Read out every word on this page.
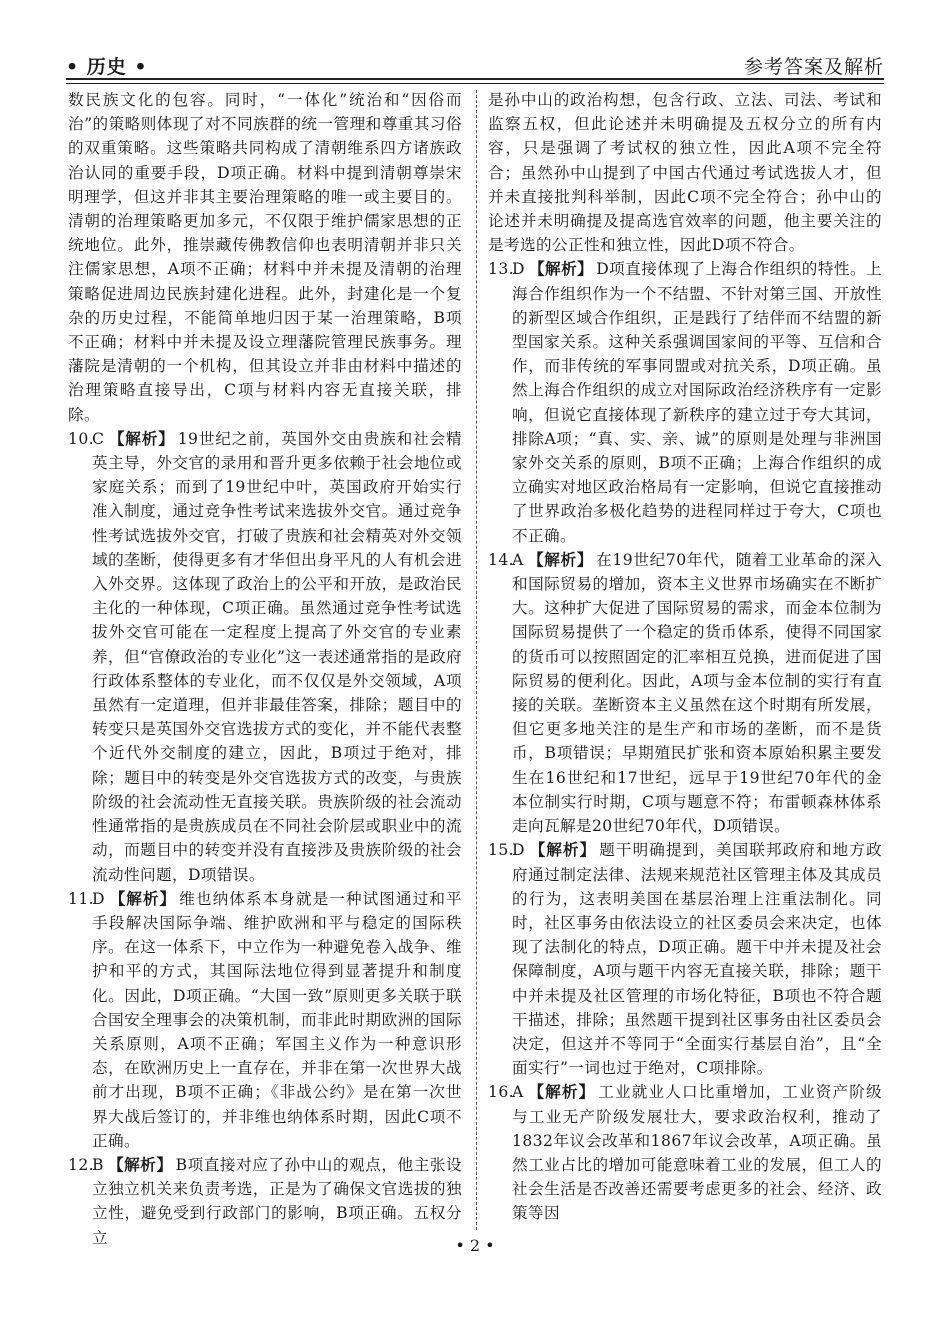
• 历史 •	参考答案及解析

数民族文化的包容。同时，“一体化”统治和“因俗而治”的策略则体现了对不同族群的统一管理和尊重其习俗的双重策略。这些策略共同构成了清朝维系四方诸族政治认同的重要手段，D项正确。材料中提到清朝尊崇宋明理学，但这并非其主要治理策略的唯一或主要目的。清朝的治理策略更加多元，不仅限于维护儒家思想的正统地位。此外，推崇藏传佛教信仰也表明清朝并非只关注儒家思想，A项不正确；材料中并未提及清朝的治理策略促进周边民族封建化进程。此外，封建化是一个复杂的历史过程，不能简单地归因于某一治理策略，B项不正确；材料中并未提及设立理藩院管理民族事务。理藩院是清朝的一个机构，但其设立并非由材料中描述的治理策略直接导出，C项与材料内容无直接关联，排除。

10.
C 【解析】 19世纪之前，英国外交由贵族和社会精英主导，外交官的录用和晋升更多依赖于社会地位或家庭关系；而到了19世纪中叶，英国政府开始实行准入制度，通过竞争性考试来选拔外交官。通过竞争性考试选拔外交官，打破了贵族和社会精英对外交领域的垄断，使得更多有才华但出身平凡的人有机会进入外交界。这体现了政治上的公平和开放，是政治民主化的一种体现，C项正确。虽然通过竞争性考试选拔外交官可能在一定程度上提高了外交官的专业素养，但“官僚政治的专业化”这一表述通常指的是政府行政体系整体的专业化，而不仅仅是外交领域，A项虽然有一定道理，但并非最佳答案，排除；题目中的转变只是英国外交官选拔方式的变化，并不能代表整个近代外交制度的建立，因此，B项过于绝对，排除；题目中的转变是外交官选拔方式的改变，与贵族阶级的社会流动性无直接关联。贵族阶级的社会流动性通常指的是贵族成员在不同社会阶层或职业中的流动，而题目中的转变并没有直接涉及贵族阶级的社会流动性问题，D项错误。
11.
D 【解析】 维也纳体系本身就是一种试图通过和平手段解决国际争端、维护欧洲和平与稳定的国际秩序。在这一体系下，中立作为一种避免卷入战争、维护和平的方式，其国际法地位得到显著提升和制度化。因此，D项正确。“大国一致”原则更多关联于联合国安全理事会的决策机制，而非此时期欧洲的国际关系原则，A项不正确；军国主义作为一种意识形态，在欧洲历史上一直存在，并非在第一次世界大战前才出现，B项不正确；《非战公约》是在第一次世界大战后签订的，并非维也纳体系时期，因此C项不正确。
12.
B 【解析】 B项直接对应了孙中山的观点，他主张设立独立机关来负责考选，正是为了确保文官选拔的独立性，避免受到行政部门的影响，B项正确。五权分立

是孙中山的政治构想，包含行政、立法、司法、考试和监察五权，但此论述并未明确提及五权分立的所有内容，只是强调了考试权的独立性，因此A项不完全符合；虽然孙中山提到了中国古代通过考试选拔人才，但并未直接批判科举制，因此C项不完全符合；孙中山的论述并未明确提及提高选官效率的问题，他主要关注的是考选的公正性和独立性，因此D项不符合。

13.
D 【解析】 D项直接体现了上海合作组织的特性。上海合作组织作为一个不结盟、不针对第三国、开放性的新型区域合作组织，正是践行了结伴而不结盟的新型国家关系。这种关系强调国家间的平等、互信和合作，而非传统的军事同盟或对抗关系，D项正确。虽然上海合作组织的成立对国际政治经济秩序有一定影响，但说它直接体现了新秩序的建立过于夸大其词，排除A项；“真、实、亲、诚”的原则是处理与非洲国家外交关系的原则，B项不正确；上海合作组织的成立确实对地区政治格局有一定影响，但说它直接推动了世界政治多极化趋势的进程同样过于夸大，C项也不正确。
14.
A 【解析】 在19世纪70年代，随着工业革命的深入和国际贸易的增加，资本主义世界市场确实在不断扩大。这种扩大促进了国际贸易的需求，而金本位制为国际贸易提供了一个稳定的货币体系，使得不同国家的货币可以按照固定的汇率相互兑换，进而促进了国际贸易的便利化。因此，A项与金本位制的实行有直接的关联。垄断资本主义虽然在这个时期有所发展，但它更多地关注的是生产和市场的垄断，而不是货币，B项错误；早期殖民扩张和资本原始积累主要发生在16世纪和17世纪，远早于19世纪70年代的金本位制实行时期，C项与题意不符；布雷顿森林体系走向瓦解是20世纪70年代，D项错误。
15.
D 【解析】 题干明确提到，美国联邦政府和地方政府通过制定法律、法规来规范社区管理主体及其成员的行为，这表明美国在基层治理上注重法制化。同时，社区事务由依法设立的社区委员会来决定，也体现了法制化的特点，D项正确。题干中并未提及社会保障制度，A项与题干内容无直接关联，排除；题干中并未提及社区管理的市场化特征，B项也不符合题干描述，排除；虽然题干提到社区事务由社区委员会决定，但这并不等同于“全面实行基层自治”，且“全面实行”一词也过于绝对，C项排除。
16.
A 【解析】 工业就业人口比重增加，工业资产阶级与工业无产阶级发展壮大，要求政治权利，推动了1832年议会改革和1867年议会改革，A项正确。虽然工业占比的增加可能意味着工业的发展，但工人的社会生活是否改善还需要考虑更多的社会、经济、政策等因
• 2 •
